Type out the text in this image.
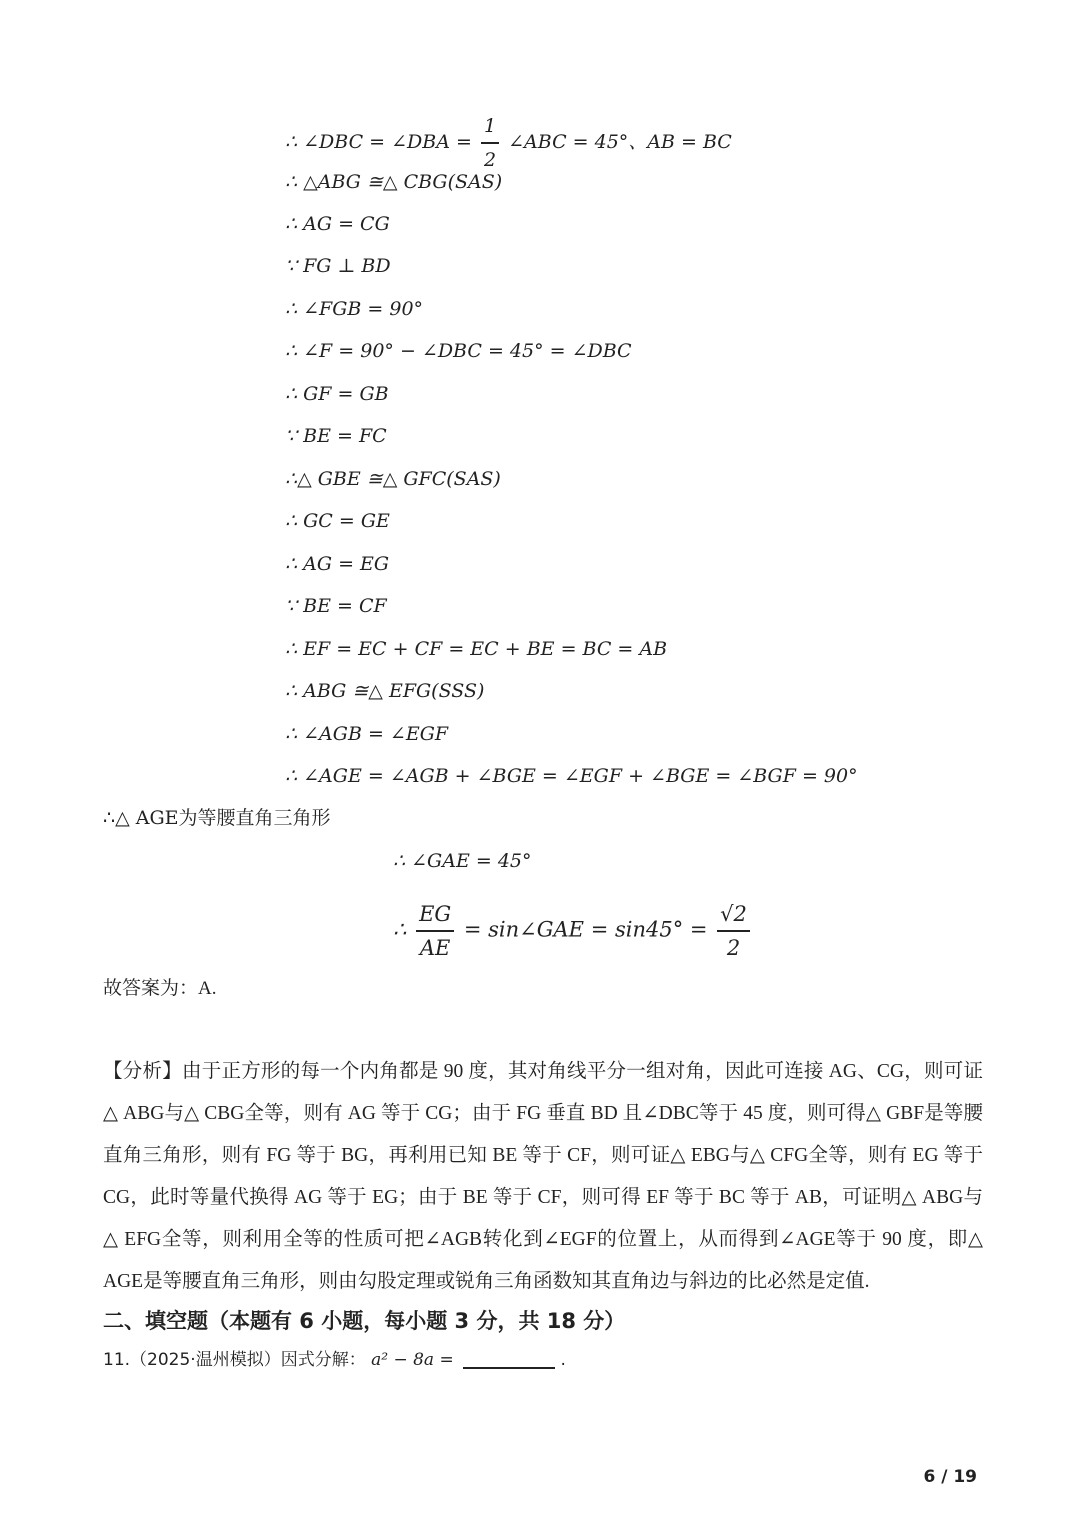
∴ ∠DBC = ∠DBA = $\frac{1}{2}$ ∠ABC = 45°、AB = BC
∴ △ABG ≅△ CBG(SAS)
∴ AG = CG
∵ FG ⊥ BD
∴ ∠FGB = 90°
∴ ∠F = 90° − ∠DBC = 45° = ∠DBC
∴ GF = GB
∵ BE = FC
∴△ GBE ≅△ GFC(SAS)
∴ GC = GE
∴ AG = EG
∵ BE = CF
∴ EF = EC + CF = EC + BE = BC = AB
∴ ABG ≅△ EFG(SSS)
∴ ∠AGB = ∠EGF
∴ ∠AGE = ∠AGB + ∠BGE = ∠EGF + ∠BGE = ∠BGF = 90°
∴△ AGE为等腰直角三角形
∴ ∠GAE = 45°
∴ $\frac{EG}{AE}$ = sin∠GAE = $\sin 45^\circ = \frac{√2}{2}$
故答案为：A.
【分析】由于正方形的每一个内角都是 90 度，其对角线平分一组对角，因此可连接 AG、CG，则可证△ ABG与△ CBG全等，则有 AG 等于 CG；由于 FG 垂直 BD 且∠DBC等于 45 度，则可得△ GBF是等腰直角三角形，则有 FG 等于 BG，再利用已知 BE 等于 CF，则可证△ EBG与△ CFG全等，则有 EG 等于 CG，此时等量代换得 AG 等于 EG；由于 BE 等于 CF，则可得 EF 等于 BC 等于 AB，可证明△ ABG与△ EFG全等，则利用全等的性质可把∠AGB转化到∠EGF的位置上，从而得到∠AGE等于 90 度，即△ AGE是等腰直角三角形，则由勾股定理或锐角三角函数知其直角边与斜边的比必然是定值.
二、填空题（本题有 6 小题，每小题 3 分，共 18 分）
11.（2025·温州模拟）因式分解： a² − 8a =	.
6 / 19
